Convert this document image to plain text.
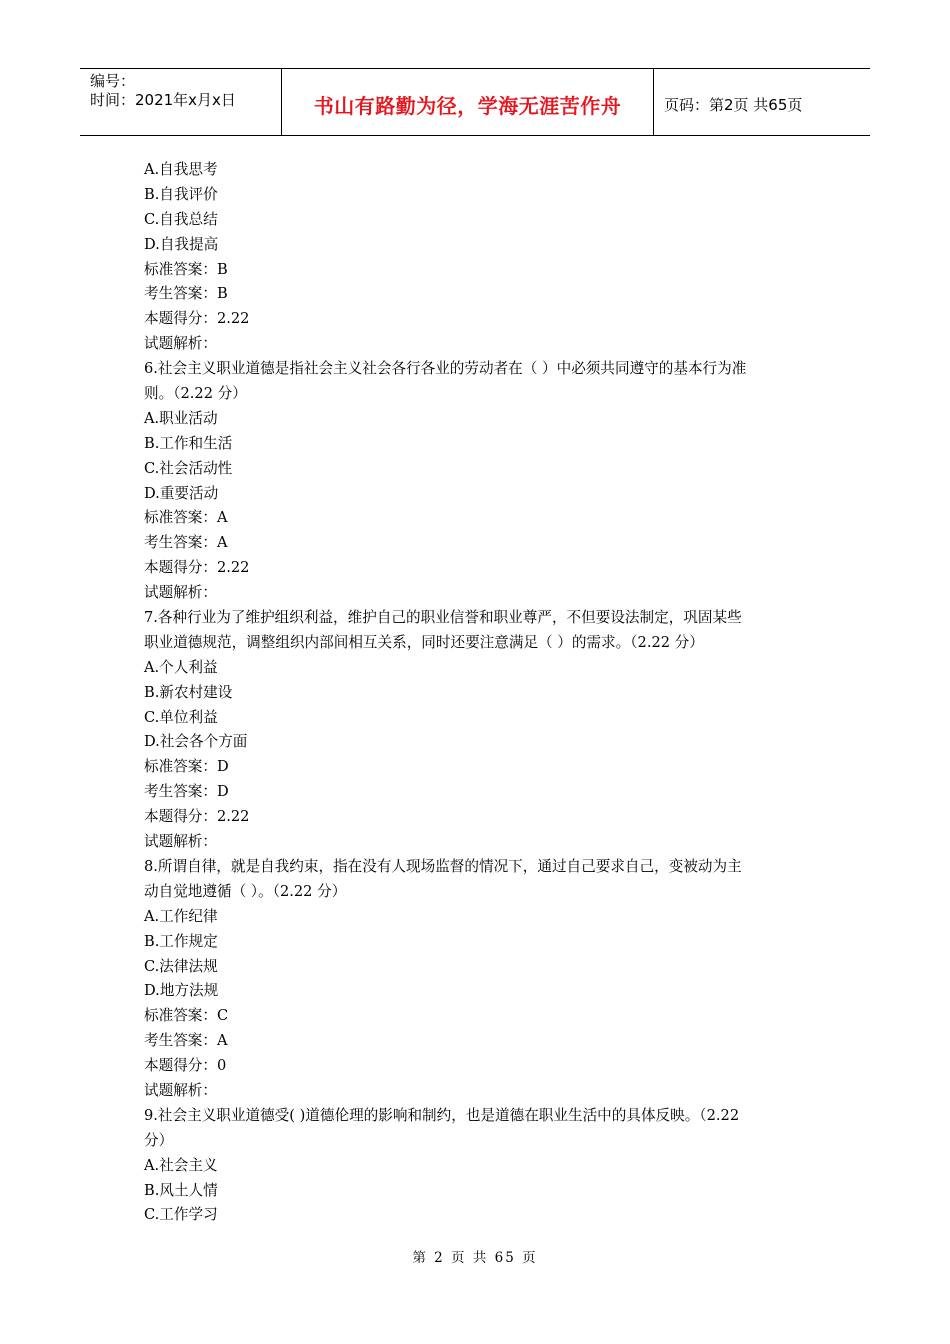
编号：
时间：2021年x月x日	书山有路勤为径，学海无涯苦作舟	页码：第2页 共65页
A.自我思考
B.自我评价
C.自我总结
D.自我提高
标准答案：B
考生答案：B
本题得分：2.22
试题解析：
6.社会主义职业道德是指社会主义社会各行各业的劳动者在（ ）中必须共同遵守的基本行为准
则。（2.22 分）
A.职业活动
B.工作和生活
C.社会活动性
D.重要活动
标准答案：A
考生答案：A
本题得分：2.22
试题解析：
7.各种行业为了维护组织利益，维护自己的职业信誉和职业尊严，不但要设法制定，巩固某些
职业道德规范，调整组织内部间相互关系，同时还要注意满足（ ）的需求。（2.22 分）
A.个人利益
B.新农村建设
C.单位利益
D.社会各个方面
标准答案：D
考生答案：D
本题得分：2.22
试题解析：
8.所谓自律，就是自我约束，指在没有人现场监督的情况下，通过自己要求自己，变被动为主
动自觉地遵循（ ）。（2.22 分）
A.工作纪律
B.工作规定
C.法律法规
D.地方法规
标准答案：C
考生答案：A
本题得分：0
试题解析：
9.社会主义职业道德受( )道德伦理的影响和制约，也是道德在职业生活中的具体反映。（2.22
分）
A.社会主义
B.风土人情
C.工作学习
第 2 页 共 65 页
